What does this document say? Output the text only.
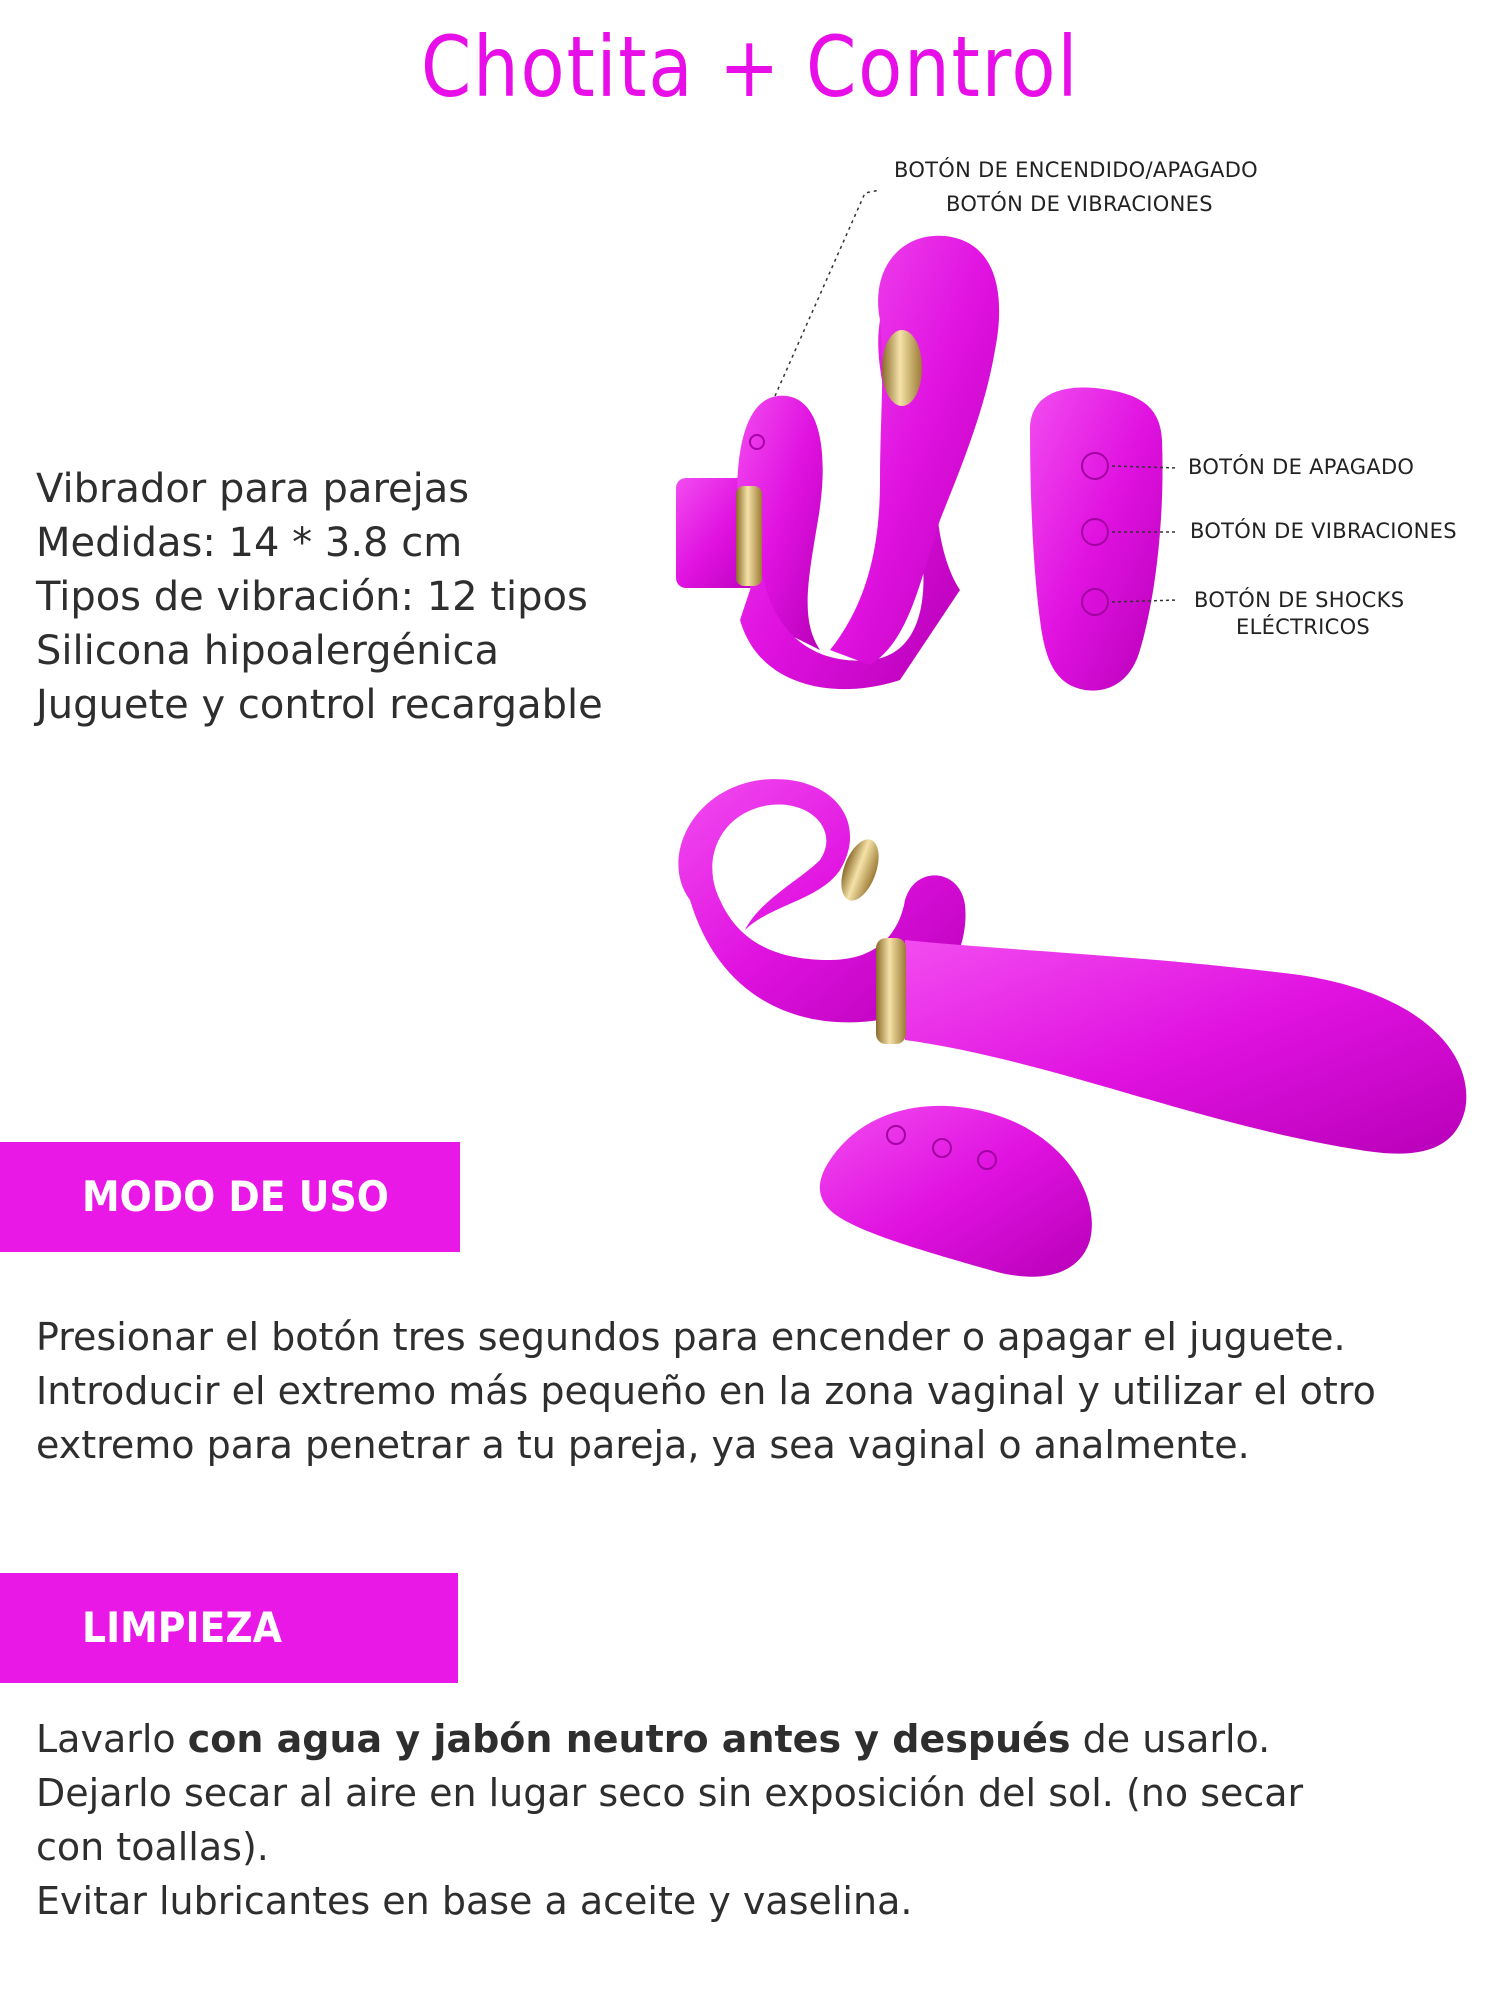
Chotita + Control
BOTÓN DE ENCENDIDO/APAGADO
BOTÓN DE VIBRACIONES
BOTÓN DE APAGADO
BOTÓN DE VIBRACIONES
BOTÓN DE SHOCKS
ELÉCTRICOS
Vibrador para parejas
Medidas: 14 * 3.8 cm
Tipos de vibración: 12 tipos
Silicona hipoalergénica
Juguete y control recargable
MODO DE USO
Presionar el botón tres segundos para encender o apagar el juguete.
Introducir el extremo más pequeño en la zona vaginal y utilizar el otro
extremo para penetrar a tu pareja, ya sea vaginal o analmente.
LIMPIEZA
Lavarlo con agua y jabón neutro antes y después de usarlo.
Dejarlo secar al aire en lugar seco sin exposición del sol. (no secar
con toallas).
Evitar lubricantes en base a aceite y vaselina.
